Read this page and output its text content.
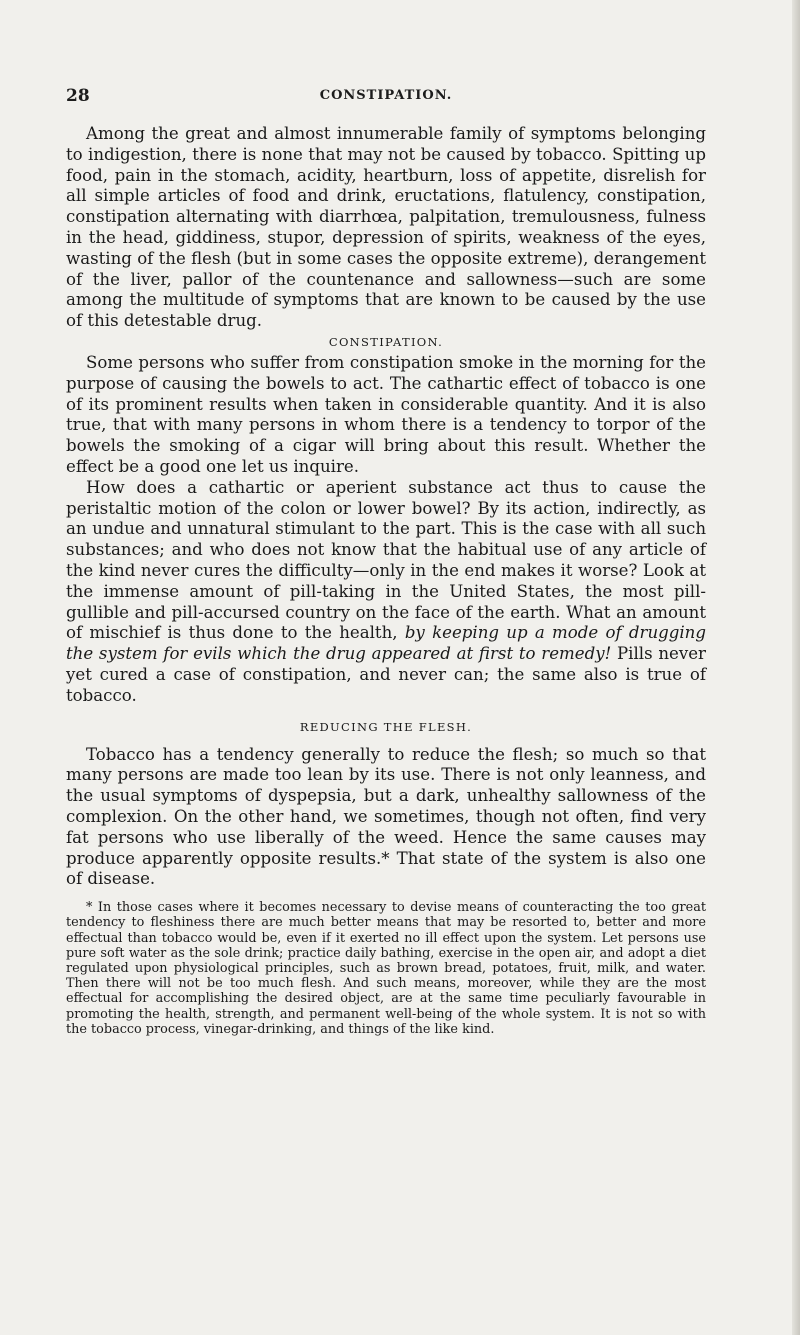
28	CONSTIPATION.

Among the great and almost innumerable family of symptoms belonging to indigestion, there is none that may not be caused by tobacco. Spitting up food, pain in the stomach, acidity, heartburn, loss of appetite, disrelish for all simple articles of food and drink, eructations, flatulency, constipation, constipation alternating with diarrhœa, palpitation, tremulousness, fulness in the head, giddiness, stupor, depression of spirits, weakness of the eyes, wasting of the flesh (but in some cases the opposite extreme), derangement of the liver, pallor of the countenance and sallowness—such are some among the multitude of symptoms that are known to be caused by the use of this detestable drug.

CONSTIPATION.

Some persons who suffer from constipation smoke in the morning for the purpose of causing the bowels to act. The cathartic effect of tobacco is one of its prominent results when taken in considerable quantity. And it is also true, that with many persons in whom there is a tendency to torpor of the bowels the smoking of a cigar will bring about this result. Whether the effect be a good one let us inquire.

How does a cathartic or aperient substance act thus to cause the peristaltic motion of the colon or lower bowel? By its action, indirectly, as an undue and unnatural stimulant to the part. This is the case with all such substances; and who does not know that the habitual use of any article of the kind never cures the difficulty—only in the end makes it worse? Look at the immense amount of pill-taking in the United States, the most pill-gullible and pill-accursed country on the face of the earth. What an amount of mischief is thus done to the health, by keeping up a mode of drugging the system for evils which the drug appeared at first to remedy! Pills never yet cured a case of constipation, and never can; the same also is true of tobacco.

REDUCING THE FLESH.

Tobacco has a tendency generally to reduce the flesh; so much so that many persons are made too lean by its use. There is not only leanness, and the usual symptoms of dyspepsia, but a dark, unhealthy sallowness of the complexion. On the other hand, we sometimes, though not often, find very fat persons who use liberally of the weed. Hence the same causes may produce apparently opposite results.* That state of the system is also one of disease.

* In those cases where it becomes necessary to devise means of counteracting the too great tendency to fleshiness there are much better means that may be resorted to, better and more effectual than tobacco would be, even if it exerted no ill effect upon the system. Let persons use pure soft water as the sole drink; practice daily bathing, exercise in the open air, and adopt a diet regulated upon physiological principles, such as brown bread, potatoes, fruit, milk, and water. Then there will not be too much flesh. And such means, moreover, while they are the most effectual for accomplishing the desired object, are at the same time peculiarly favourable in promoting the health, strength, and permanent well-being of the whole system. It is not so with the tobacco process, vinegar-drinking, and things of the like kind.
